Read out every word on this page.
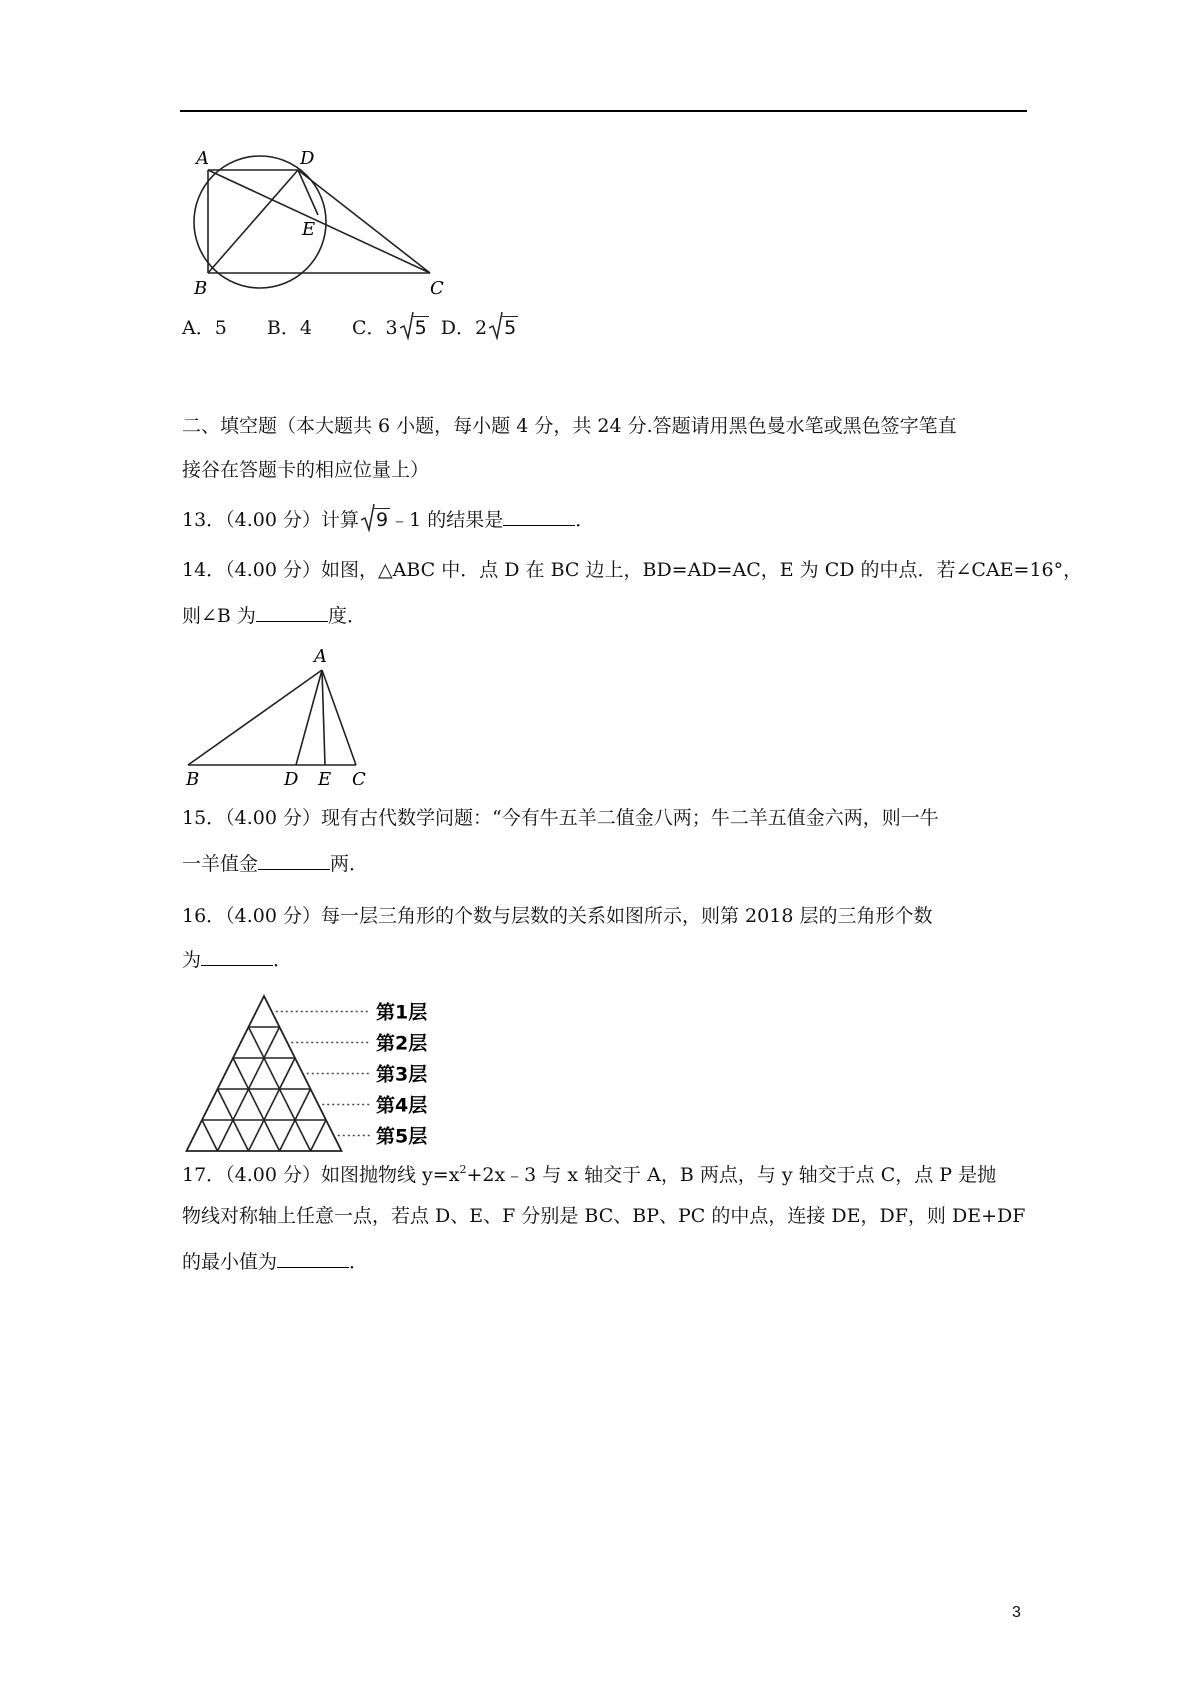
A	D
E
B	C
A．5 B．4 C．3 5 D．2 5
二、填空题（本大题共 6 小题，每小题 4 分，共 24 分.答题请用黑色曼水笔或黑色签字笔直
接谷在答题卡的相应位量上）
13．（4.00 分）计算 9 ﹣1 的结果是	．
14．（4.00 分）如图，△ABC 中．点 D 在 BC 边上，BD=AD=AC，E 为 CD 的中点．若∠CAE=16°，
则∠B 为	度．
A
B	D E C
15．（4.00 分）现有古代数学问题：“今有牛五羊二值金八两；牛二羊五值金六两，则一牛
一羊值金	两．
16．（4.00 分）每一层三角形的个数与层数的关系如图所示，则第 2018 层的三角形个数
为	．
第1层
第2层
第3层
第4层
第5层
17．（4.00 分）如图抛物线 $y=x^2+2x﹣3$ 与 x 轴交于 A，B 两点，与 y 轴交于点 C，点 P 是抛
物线对称轴上任意一点，若点 D、E、F 分别是 BC、BP、PC 的中点，连接 DE，DF，则 DE+DF
的最小值为	．
3
